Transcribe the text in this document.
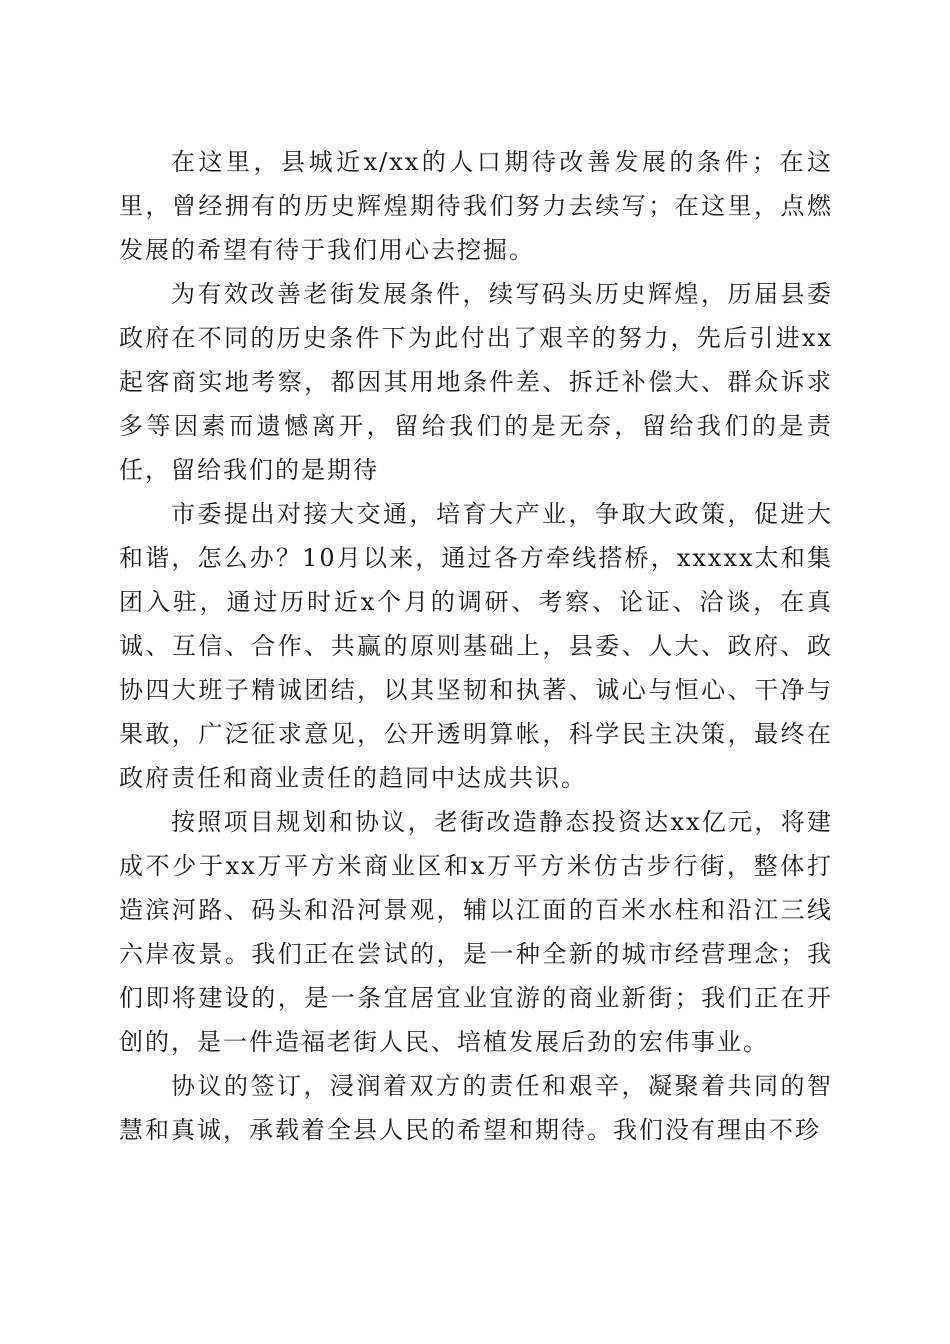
在这里，县城近x/xx的人口期待改善发展的条件；在这里，曾经拥有的历史辉煌期待我们努力去续写；在这里，点燃发展的希望有待于我们用心去挖掘。

为有效改善老街发展条件，续写码头历史辉煌，历届县委政府在不同的历史条件下为此付出了艰辛的努力，先后引进xx起客商实地考察，都因其用地条件差、拆迁补偿大、群众诉求多等因素而遗憾离开，留给我们的是无奈，留给我们的是责任，留给我们的是期待

市委提出对接大交通，培育大产业，争取大政策，促进大和谐，怎么办？10月以来，通过各方牵线搭桥，xxxxx太和集团入驻，通过历时近x个月的调研、考察、论证、洽谈，在真诚、互信、合作、共赢的原则基础上，县委、人大、政府、政协四大班子精诚团结，以其坚韧和执著、诚心与恒心、干净与果敢，广泛征求意见，公开透明算帐，科学民主决策，最终在政府责任和商业责任的趋同中达成共识。

按照项目规划和协议，老街改造静态投资达xx亿元，将建成不少于xx万平方米商业区和x万平方米仿古步行街，整体打造滨河路、码头和沿河景观，辅以江面的百米水柱和沿江三线六岸夜景。我们正在尝试的，是一种全新的城市经营理念；我们即将建设的，是一条宜居宜业宜游的商业新街；我们正在开创的，是一件造福老街人民、培植发展后劲的宏伟事业。

协议的签订，浸润着双方的责任和艰辛，凝聚着共同的智慧和真诚，承载着全县人民的希望和期待。我们没有理由不珍
